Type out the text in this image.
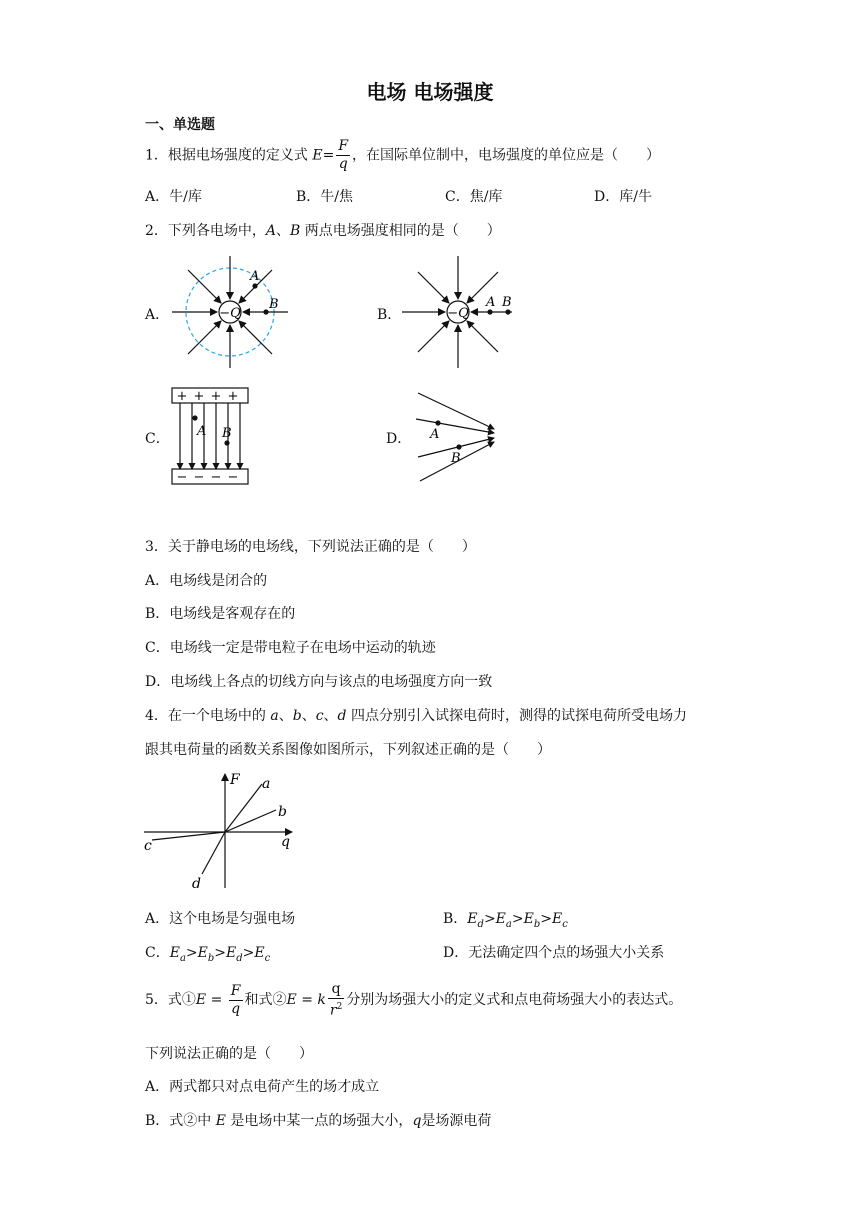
电场 电场强度
一、单选题
1．根据电场强度的定义式 $E= \frac{F}{q}$ ，在国际单位制中，电场强度的单位应是（　　）
A．牛/库	B．牛/焦	C．焦/库	D．库/牛
2．下列各电场中，A、B 两点电场强度相同的是（　　）
A．	B．
C．	D．
−Q
A
B
−Q
A B
+ + + +
− − − −
A B	A
B
3．关于静电场的电场线，下列说法正确的是（　　）
A．电场线是闭合的
B．电场线是客观存在的
C．电场线一定是带电粒子在电场中运动的轨迹
D．电场线上各点的切线方向与该点的电场强度方向一致
4．在一个电场中的 a、b、c、d 四点分别引入试探电荷时，测得的试探电荷所受电场力
跟其电荷量的函数关系图像如图所示，下列叙述正确的是（　　）
F
q
a
b
c
d
A．这个电场是匀强电场	B．$E_d>E_a>E_b>E_c$
C．$E_a>E_b>E_d>E_c$	D．无法确定四个点的场强大小关系
5．式①E = $\frac{F}{q}$ 和式②E = k $\frac{q}{r^2}$ 分别为场强大小的定义式和点电荷场强大小的表达式。
下列说法正确的是（　　）
A．两式都只对点电荷产生的场才成立
B．式②中 E 是电场中某一点的场强大小，q是场源电荷
